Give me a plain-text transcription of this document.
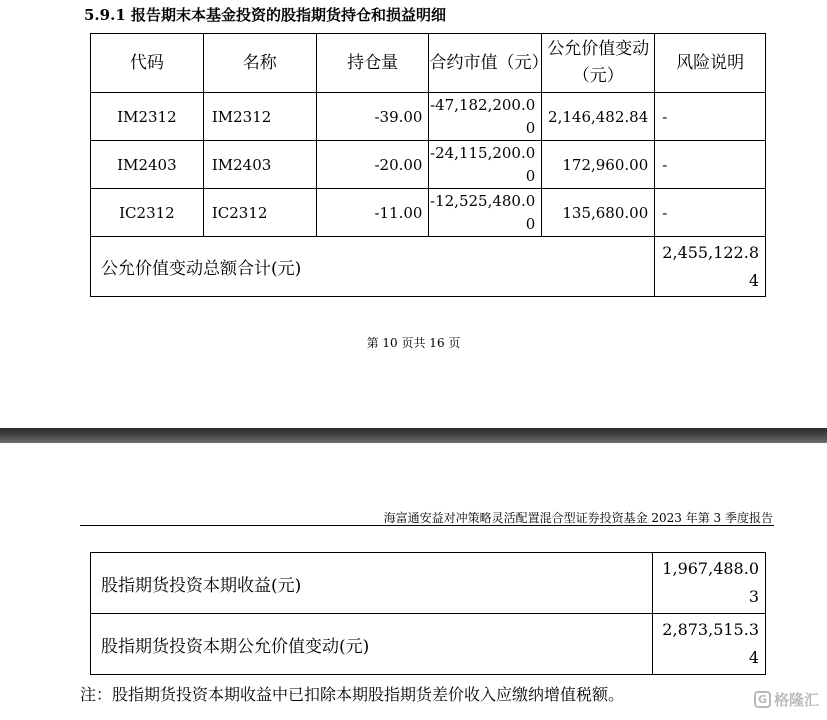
5.9.1 报告期末本基金投资的股指期货持仓和损益明细
代码	名称	持仓量	合约市值（元）	公允价值变动（元）	风险说明
IM2312	IM2312	-39.00	-47,182,200.00	2,146,482.84	-
IM2403	IM2403	-20.00	-24,115,200.00	172,960.00	-
IC2312	IC2312	-11.00	-12,525,480.00	135,680.00	-
公允价值变动总额合计(元)					2,455,122.84
第 10 页共 16 页
海富通安益对冲策略灵活配置混合型证券投资基金 2023 年第 3 季度报告
股指期货投资本期收益(元)	1,967,488.03
股指期货投资本期公允价值变动(元)	2,873,515.34
注：股指期货投资本期收益中已扣除本期股指期货差价收入应缴纳增值税额。	G 格隆汇
